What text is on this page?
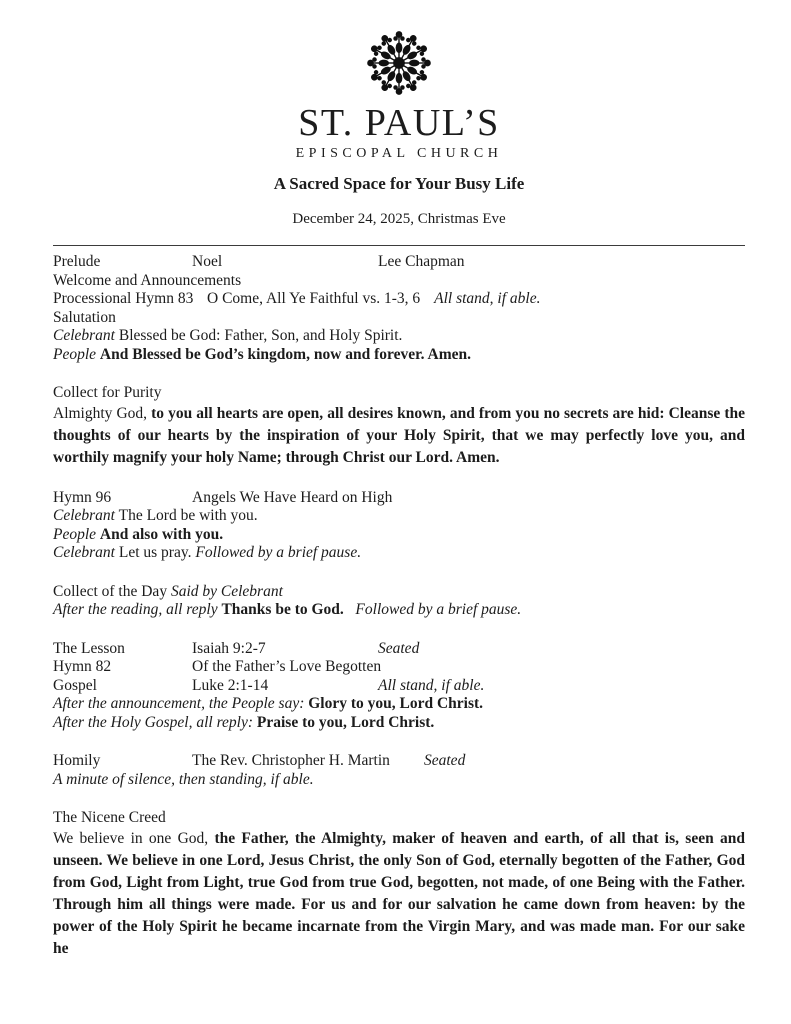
ST. PAUL’S
EPISCOPAL CHURCH
A Sacred Space for Your Busy Life
December 24, 2025, Christmas Eve
Prelude	Noel	Lee Chapman
Welcome and Announcements
Processional Hymn 83 O Come, All Ye Faithful vs. 1-3, 6 All stand, if able.

Salutation

Celebrant Blessed be God: Father, Son, and Holy Spirit.

People And Blessed be God’s kingdom, now and forever. Amen.

Collect for Purity

Almighty God, to you all hearts are open, all desires known, and from you no secrets are hid: Cleanse the thoughts of our hearts by the inspiration of your Holy Spirit, that we may perfectly love you, and worthily magnify your holy Name; through Christ our Lord. Amen.

Hymn 96	Angels We Have Heard on High

Celebrant The Lord be with you.

People And also with you.

Celebrant Let us pray. Followed by a brief pause.

Collect of the Day Said by Celebrant

After the reading, all reply Thanks be to God. Followed by a brief pause.

The Lesson	Isaiah 9:2-7	Seated
Hymn 82	Of the Father’s Love Begotten

Gospel	Luke 2:1-14	All stand, if able.

After the announcement, the People say: Glory to you, Lord Christ.

After the Holy Gospel, all reply: Praise to you, Lord Christ.

Homily	The Rev. Christopher H. Martin	Seated

A minute of silence, then standing, if able.

The Nicene Creed

We believe in one God, the Father, the Almighty, maker of heaven and earth, of all that is, seen and unseen. We believe in one Lord, Jesus Christ, the only Son of God, eternally begotten of the Father, God from God, Light from Light, true God from true God, begotten, not made, of one Being with the Father. Through him all things were made. For us and for our salvation he came down from heaven: by the power of the Holy Spirit he became incarnate from the Virgin Mary, and was made man. For our sake he
